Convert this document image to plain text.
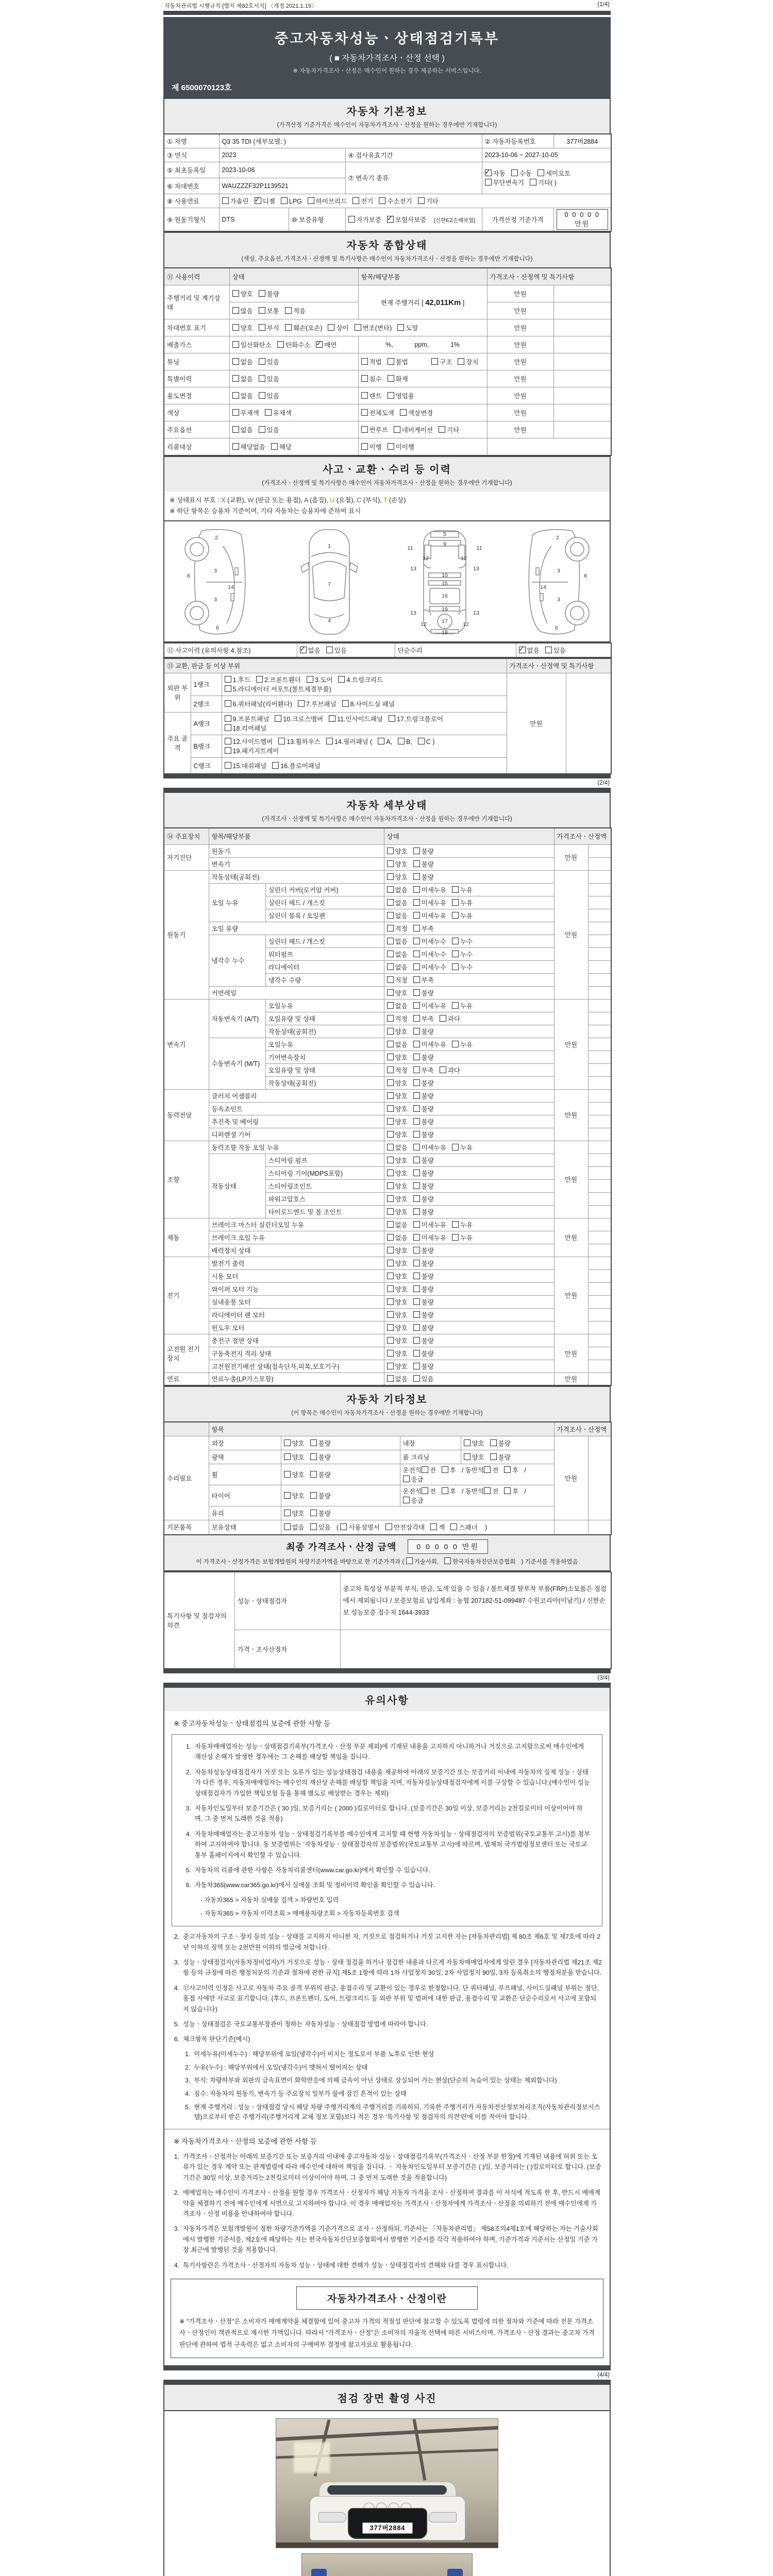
자동차관리법 시행규칙 [별지 제82호서식] 〈개정 2021.1.19〉	(1/4)
중고자동차성능ㆍ상태점검기록부
( ■ 자동차가격조사ㆍ산정 선택 )
※ 자동차가격조사ㆍ산정은 매수인이 원하는 경우 제공하는 서비스입니다.
제 6500070123호
자동차 기본정보
(가격산정 기준가격은 매수인이 자동차가격조사ㆍ산정을 원하는 경우에만 기재합니다)
① 차명	Q3 35 TDI (세부모델: )			② 자동차등록번호	377버2884
③ 연식	2023		④ 검사유효기간	2023-10-06 ~ 2027-10-05	
⑤ 최초등록일	2023-10-06		⑦ 변속기 종류	✓자동 수동 세미오토무단변속기 기타( )
⑥ 차대번호	WAUZZZF32P1139521				
⑧ 사용연료	가솔린 ✓ 디젤 LPG 하이브리드 전기 수소전기 기타
⑨ 원동기형식	DTS	⑩ 보증유형	자가보증 ✓ 보험사보증 [신한EZ손해보험]	가격산정 기준가격	0 0 0 0 0 만원
자동차 종합상태
(색상, 주요옵션, 가격조사ㆍ산정액 및 특기사항은 매수인이 자동차가격조사ㆍ산정을 원하는 경우에만 기재합니다)
⑪ 사용이력	상태	항목/해당부품	가격조사ㆍ산정액 및 특기사항	
주행거리 및 계기상태	양호 불량	현재 주행거리 [ 42,011Km ]	만원	
	많음 보통 적음		만원	
차대번호 표기	양호 부식 훼손(오손) 상이 변조(변타) 도말		만원	
배출가스	일산화탄소 탄화수소 ✓ 매연	%,            ppm,            1%	만원	
튜닝	없음 있음	적법 불법 구조 장치	만원	
특별이력	없음 있음	침수 화재	만원	
용도변경	없음 있음	렌트 영업용	만원	
색상	무채색 유채색	전체도색 색상변경	만원	
주요옵션	없음 있음	썬루프 네비게이션 기타	만원	
리콜대상	해당없음 해당	이행 미이행		
사고ㆍ교환ㆍ수리 등 이력
(가격조사ㆍ산정액 및 특기사항은 매수인이 자동차가격조사ㆍ산정을 원하는 경우에만 기재합니다)
※ 상태표시 부호 : X (교환), W (판금 또는 용접), A (흠집), U (요철), C (부식), T (손상)
※ 하단 항목은 승용차 기준이며, 기타 자동차는 승용차에 준하여 표시
2
8
3
14
3
6
1
7
4
5
9
11	11
12	12
13	13
10
15
16
19
13	13
12	12
17
18
2
3
8
14
3
6
⑫ 사고이력 (유의사항 4.참조)	✓없음 있음	단순수리	✓없음 있음
⑬ 교환, 판금 등 이상 부위			가격조사ㆍ산정액 및 특기사항	
외판 부위	1랭크	1.후드 2.프론트휀더 3.도어 4.트렁크리드
5.라디에이터 서포트(볼트체결부품)	만원	
	2랭크	6.쿼터패널(리어휀다) 7.루브패널 8.사이드실 패널		
주요 골격	A랭크	9.프론트패널 10.크로스멤버 11.인사이드패널 17.트렁크플로어
18.리어패널		
	B랭크	12.사이드멤버 13.휠하우스 14.필러패널 ( A, B, C )
19.패키지트레이		
	C랭크	15.대쉬패널 16.플로어패널		
(2/4)
자동차 세부상태
(가격조사ㆍ산정액 및 특기사항은 매수인이 자동차가격조사ㆍ산정을 원하는 경우에만 기재합니다)
⑭ 주요장치	항목/해당부품		상태	가격조사ㆍ산정액	
자기진단	원동기		양호 불량	만원	
	변속기		양호 불량		
원동기	작동상태(공회전)		양호 불량	만원	
	오일 누유	실린더 커버(로커암 커버)	없음 미세누유 누유		
		실린더 헤드 / 개스킷	없음 미세누유 누유		
		실린더 블록 / 오일팬	없음 미세누유 누유		
	오일 유량		적정 부족		
	냉각수 누수	실린더 헤드 / 개스킷	없음 미세누수 누수		
		워터펌프	없음 미세누수 누수		
		라디에이터	없음 미세누수 누수		
		냉각수 수량	적정 부족		
	커먼레일		양호 불량		
변속기	자동변속기 (A/T)	오일누유	없음 미세누유 누유	만원	
		오일유량 및 상태	적정 부족 과다		
		작동상태(공회전)	양호 불량		
	수동변속기 (M/T)	오일누유	없음 미세누유 누유		
		기어변속장치	양호 불량		
		오일유량 및 상태	적정 부족 과다		
		작동상태(공회전)	양호 불량		
동력전달	클러치 어셈블리		양호 불량	만원	
	등속죠인트		양호 불량		
	추진축 및 베어링		양호 불량		
	디퍼렌셜 기어		양호 불량		
조향	동력조향 작동 오일 누유		없음 미세누유 누유	만원	
	작동상태	스티어링 펌프	양호 불량		
		스티어링 기어(MDPS포함)	양호 불량		
		스티어링조인트	양호 불량		
		파워고압호스	양호 불량		
		타이로드엔드 및 볼 조인트	양호 불량		
제동	브레이크 마스터 실린더오일 누유		없음 미세누유 누유	만원	
	브레이크 오일 누유		없음 미세누유 누유		
	배력장치 상태		양호 불량		
전기	발전기 출력		양호 불량	만원	
	시동 모터		양호 불량		
	와이퍼 모터 기능		양호 불량		
	실내송풍 모터		양호 불량		
	라디에이터 팬 모터		양호 불량		
	윈도우 모터		양호 불량		
고전원 전기장치	충전구 절연 상태		양호 불량	만원	
	구동축전지 격리 상태		양호 불량		
	고전원전기배선 상태(접속단자,피복,보호기구)		양호 불량		
연료	연료누출(LP가스포함)		없음 있음	만원	
자동차 기타정보
(이 항목은 매수인이 자동차가격조사ㆍ산정을 원하는 경우에만 기재합니다)
	항목				가격조사ㆍ산정액	
수리필요	외장	양호 불량	내장	양호 불량	만원	
	광택	양호 불량	룸 크리닝	양호 불량		
	휠	양호 불량	운전석 전 후 / 동반석 전 후 /응급			
	타이어	양호 불량	운전석 전 후 / 동반석 전 후 /응급			
	유리	양호 불량				
기본품목	보유상태	없음 있음 ( 사용설명서 안전삼각대 잭 스패너 )				
최종 가격조사ㆍ산정 금액	0 0 0 0 0 만원
이 가격조사ㆍ산정가격은 보험개발원의 차량기준가액을 바탕으로 한 기준가격과 ( 기술사회, 한국자동차진단보증협회 ) 기준서를 적용하였음
특기사항 및 점검자의 의견	성능ㆍ상태점검자	중고차 특성상 부분적 부식, 판금, 도색 있을 수 있음 / 볼트체결 탈부착 부품(FRP)소모품은 점검에서 제외됩니다 / 보증보험료 납입계좌 : 농협 207182-51-099487 수원코리아(이남기) / 신한손보 성능보증 접수처 1644-3933
	가격ㆍ조사산정자	
(3/4)
유의사항
※ 중고자동차성능ㆍ상태점검의 보증에 관한 사항 등
1. 자동차매매업자는 성능ㆍ상태점검기록부(가격조사ㆍ산정 부분 제외)에 기재된 내용을 고지하지 아니하거나 거짓으로 고지함으로써 매수인에게 재산상 손해가 발생한 경우에는 그 손해를 배상할 책임을 집니다.
2. 자동차성능상태점검자가 거짓 또는 오류가 있는 성능상태점검 내용을 제공하여 아래의 보증기간 또는 보증거리 이내에 자동차의 실제 성능ㆍ상태가 다른 경우, 자동차매매업자는 매수인의 재산상 손해를 배상할 책임을 지며, 자동차성능상태점검자에게 이를 구상할 수 있습니다.(매수인이 성능상태점검자가 가입한 책임보험 등을 통해 별도로 배상받는 경우는 제외)
3. 자동차인도일부터 보증기간은 ( 30 )일, 보증거리는 ( 2000 )킬로미터로 합니다. (보증기간은 30일 이상, 보증거리는 2천킬로미터 이상이어야 하며, 그 중 먼저 도래한 것을 적용)
4. 자동차매매업자는 중고자동차 성능ㆍ상태점검기록부를 매수인에게 고지할 때 현행 자동차성능ㆍ상태점검자의 보증범위(국토교통부 고시)를 첨부하여 고지하여야 합니다. 동 보증범위는 '자동차성능ㆍ상태점검자의 보증범위'(국토교통부 고시)에 따르며, 법제처 국가법령정보센터 또는 국토교통부 홈페이지에서 확인할 수 있습니다.
5. 자동차의 리콜에 관한 사항은 자동차리콜센터(www.car.go.kr)에서 확인할 수 있습니다.
6. 자동차365(www.car365.go.kr)에서 실매물 조회 및 정비이력 확인을 확인할 수 있습니다.
- 자동차365 > 자동차 실매물 검색 > 차량번호 입력
- 자동차365 > 자동차 이력조회 > 매매용차량조회 > 자동차등록번호 검색
2. 중고자동차의 구조ㆍ장치 등의 성능ㆍ상태를 고지하지 아니한 자, 거짓으로 점검하거나 거짓 고지한 자는 [자동차관리법] 제 80조 제6호 및 제7호에 따라 2년 이하의 징역 또는 2천만원 이하의 벌금에 처합니다.
3. 성능ㆍ상태점검자(자동차정비업자)가 거짓으로 성능ㆍ상태 점검을 하거나 점검한 내용과 다르게 자동차매매업자에게 알린 경우 [자동차관리법 제21조 제2항 등의 규정에 따른 행정처분의 기준과 절차에 관한 규칙] 제5조 1항에 따라 1차 사업정지 30일, 2차 사업정지 90일, 3차 등록취소의 행정처분을 받습니다.
4. ⑫사고이력 인정은 사고로 자동차 주요 골격 부위의 판금, 용접수리 및 교환이 있는 경우로 한정합니다. 단 쿼터패널, 루프패널, 사이드실패널 부위는 절단, 용접 시에만 사고로 표기합니다. (후드, 프론트펜더, 도어, 트렁크리드 등 외판 부위 및 범퍼에 대한 판금, 용접수리 및 교환은 단순수리로서 사고에 포함되지 않습니다)
5. 성능ㆍ상태점검은 국토교통부장관이 정하는 자동차성능ㆍ상태점검 방법에 따라야 합니다.
6. 체크항목 판단기준(예시)
1. 미세누유(미세누수) : 해당부위에 오일(냉각수)이 비치는 정도로서 부품 노후로 인한 현상
2. 누유(누수) : 해당부위에서 오일(냉각수)이 맺혀서 떨어지는 상태
3. 부식: 차량하부와 외판의 금속표면이 화학반응에 의해 금속이 아닌 상태로 상실되어 가는 현상(단순히 녹슬어 있는 상태는 제외합니다)
4. 침수: 자동차의 원동기, 변속기 등 주요장치 일부가 물에 잠긴 흔적이 있는 상태
5. 현재 주행거리 : 성능ㆍ상태점검 당시 해당 차량 주행거리계의 주행거리를 기록하되, 기록한 주행거리가 자동차전산정보처리조직(자동차관리정보시스템)으로부터 받은 주행거리(주행거리계 교체 정보 포함)보다 적은 경우 '특기사항 및 점검자의 의견'란에 이를 적어야 합니다.
※ 자동차가격조사ㆍ산정의 보증에 관한 사항 등
1. 가격조사ㆍ산정자는 아래의 보증기간 또는 보증거리 이내에 중고자동차 성능ㆍ상태점검기록부(가격조사ㆍ산정 부분 한정)에 기재된 내용에 허위 또는 오류가 있는 경우 계약 또는 관계법령에 따라 매수인에 대하여 책임을 집니다. ㆍ 자동차인도일부터 보증기간은 ( )일, 보증거리는 ( )킬로미터로 합니다. (보증기간은 30일 이상, 보증거리는 2천킬로미터 이상이어야 하며, 그 중 먼저 도래한 것을 적용합니다)
2. 매매업자는 매수인이 가격조사ㆍ산정을 원할 경우 가격조사ㆍ산정자가 해당 자동차 가격을 조사ㆍ산정하여 결과를 이 서식에 적도록 한 후, 반드시 매매계약을 체결하기 전에 매수인에게 서면으로 고지하여야 합니다. 이 경우 매매업자는 가격조사ㆍ산정자에게 가격조사ㆍ산정을 의뢰하기 전에 매수인에게 가격조사ㆍ산정 비용을 안내하여야 합니다.
3. 자동차가격은 보험개발원이 정한 차량기준가액을 기준가격으로 조사ㆍ산정하되, 기준서는 「자동차관리법」 제58조의4제1호에 해당하는 자는 기술사회에서 발행한 기준서를, 제2호에 해당하는 자는 한국자동차진단보증협회에서 발행한 기준서를 각각 적용하여야 하며, 기준가격과 기준서는 산정일 기준 가장 최근에 발행된 것을 적용합니다.
4. 특기사항란은 가격조사ㆍ산정자의 자동차 성능ㆍ상태에 대한 견해가 성능ㆍ상태점검자의 견해와 다를 경우 표시합니다.
자동차가격조사ㆍ산정이란
※ "가격조사ㆍ산정"은 소비자가 매매계약을 체결함에 있어 중고차 가격의 적절성 판단에 참고할 수 있도록 법령에 의한 절차와 기준에 따라 전문 가격조사ㆍ산정인이 객관적으로 제시한 가액입니다. 따라서 "가격조사ㆍ산정"은 소비자의 자율적 선택에 따른 서비스이며, 가격조사ㆍ산정 결과는 중고차 가격판단에 관하여 법적 구속력은 없고 소비자의 구매여부 결정에 참고자료로 활용됩니다.
(4/4)
점검 장면 촬영 사진
377버2884
